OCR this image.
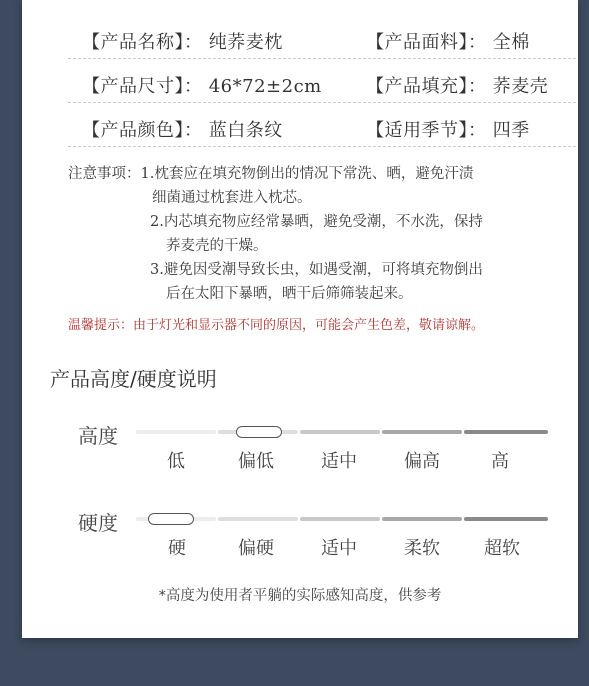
【产品名称】： 纯荞麦枕	【产品面料】： 全棉
【产品尺寸】： 46*72±2cm 【产品填充】： 荞麦壳
【产品颜色】： 蓝白条纹	【适用季节】： 四季
注意事项：1.枕套应在填充物倒出的情况下常洗、晒，避免汗渍
细菌通过枕套进入枕芯。
2.内芯填充物应经常暴晒，避免受潮，不水洗，保持
荞麦壳的干燥。
3.避免因受潮导致长虫，如遇受潮，可将填充物倒出
后在太阳下暴晒，晒干后筛筛装起来。
温馨提示：由于灯光和显示器不同的原因，可能会产生色差，敬请谅解。
产品高度/硬度说明
高度
低	偏低	适中	偏高	高
硬度
硬	偏硬	适中	柔软 超软
*高度为使用者平躺的实际感知高度，供参考
